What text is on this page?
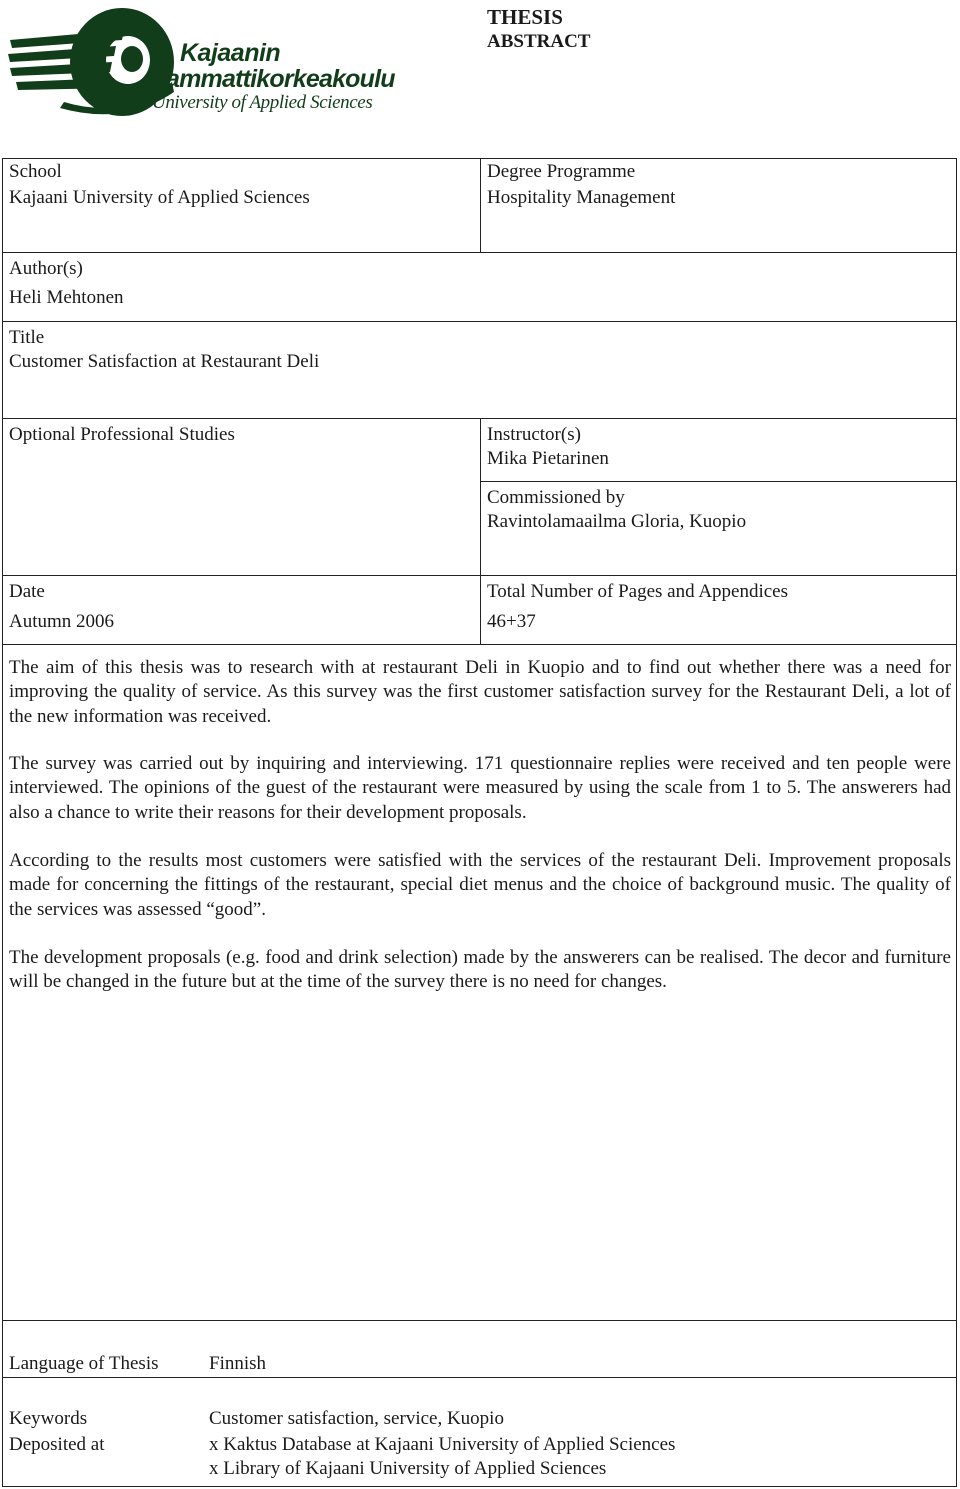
Kajaanin
ammattikorkeakoulu
University of Applied Sciences
THESIS
ABSTRACT
School
Kajaani University of Applied Sciences
Degree Programme
Hospitality Management
Author(s)
Heli Mehtonen
Title
Customer Satisfaction at Restaurant Deli
Optional Professional Studies	Instructor(s)
Mika Pietarinen
Commissioned by
Ravintolamaailma Gloria, Kuopio
Date
Autumn 2006
Total Number of Pages and Appendices
46+37
The aim of this thesis was to research with at restaurant Deli in Kuopio and to find out whether there was a need for improving the quality of service. As this survey was the first customer satisfaction survey for the Restaurant Deli, a lot of the new information was received.
The survey was carried out by inquiring and interviewing. 171 questionnaire replies were received and ten people were interviewed. The opinions of the guest of the restaurant were measured by using the scale from 1 to 5. The answerers had also a chance to write their reasons for their development proposals.
According to the results most customers were satisfied with the services of the restaurant Deli. Improvement proposals made for concerning the fittings of the restaurant, special diet menus and the choice of background music. The quality of the services was assessed “good”.
The development proposals (e.g. food and drink selection) made by the answerers can be realised. The decor and furniture will be changed in the future but at the time of the survey there is no need for changes.
Language of Thesis	Finnish
Keywords	Customer satisfaction, service, Kuopio
Deposited at	x Kaktus Database at Kajaani University of Applied Sciences
x Library of Kajaani University of Applied Sciences
